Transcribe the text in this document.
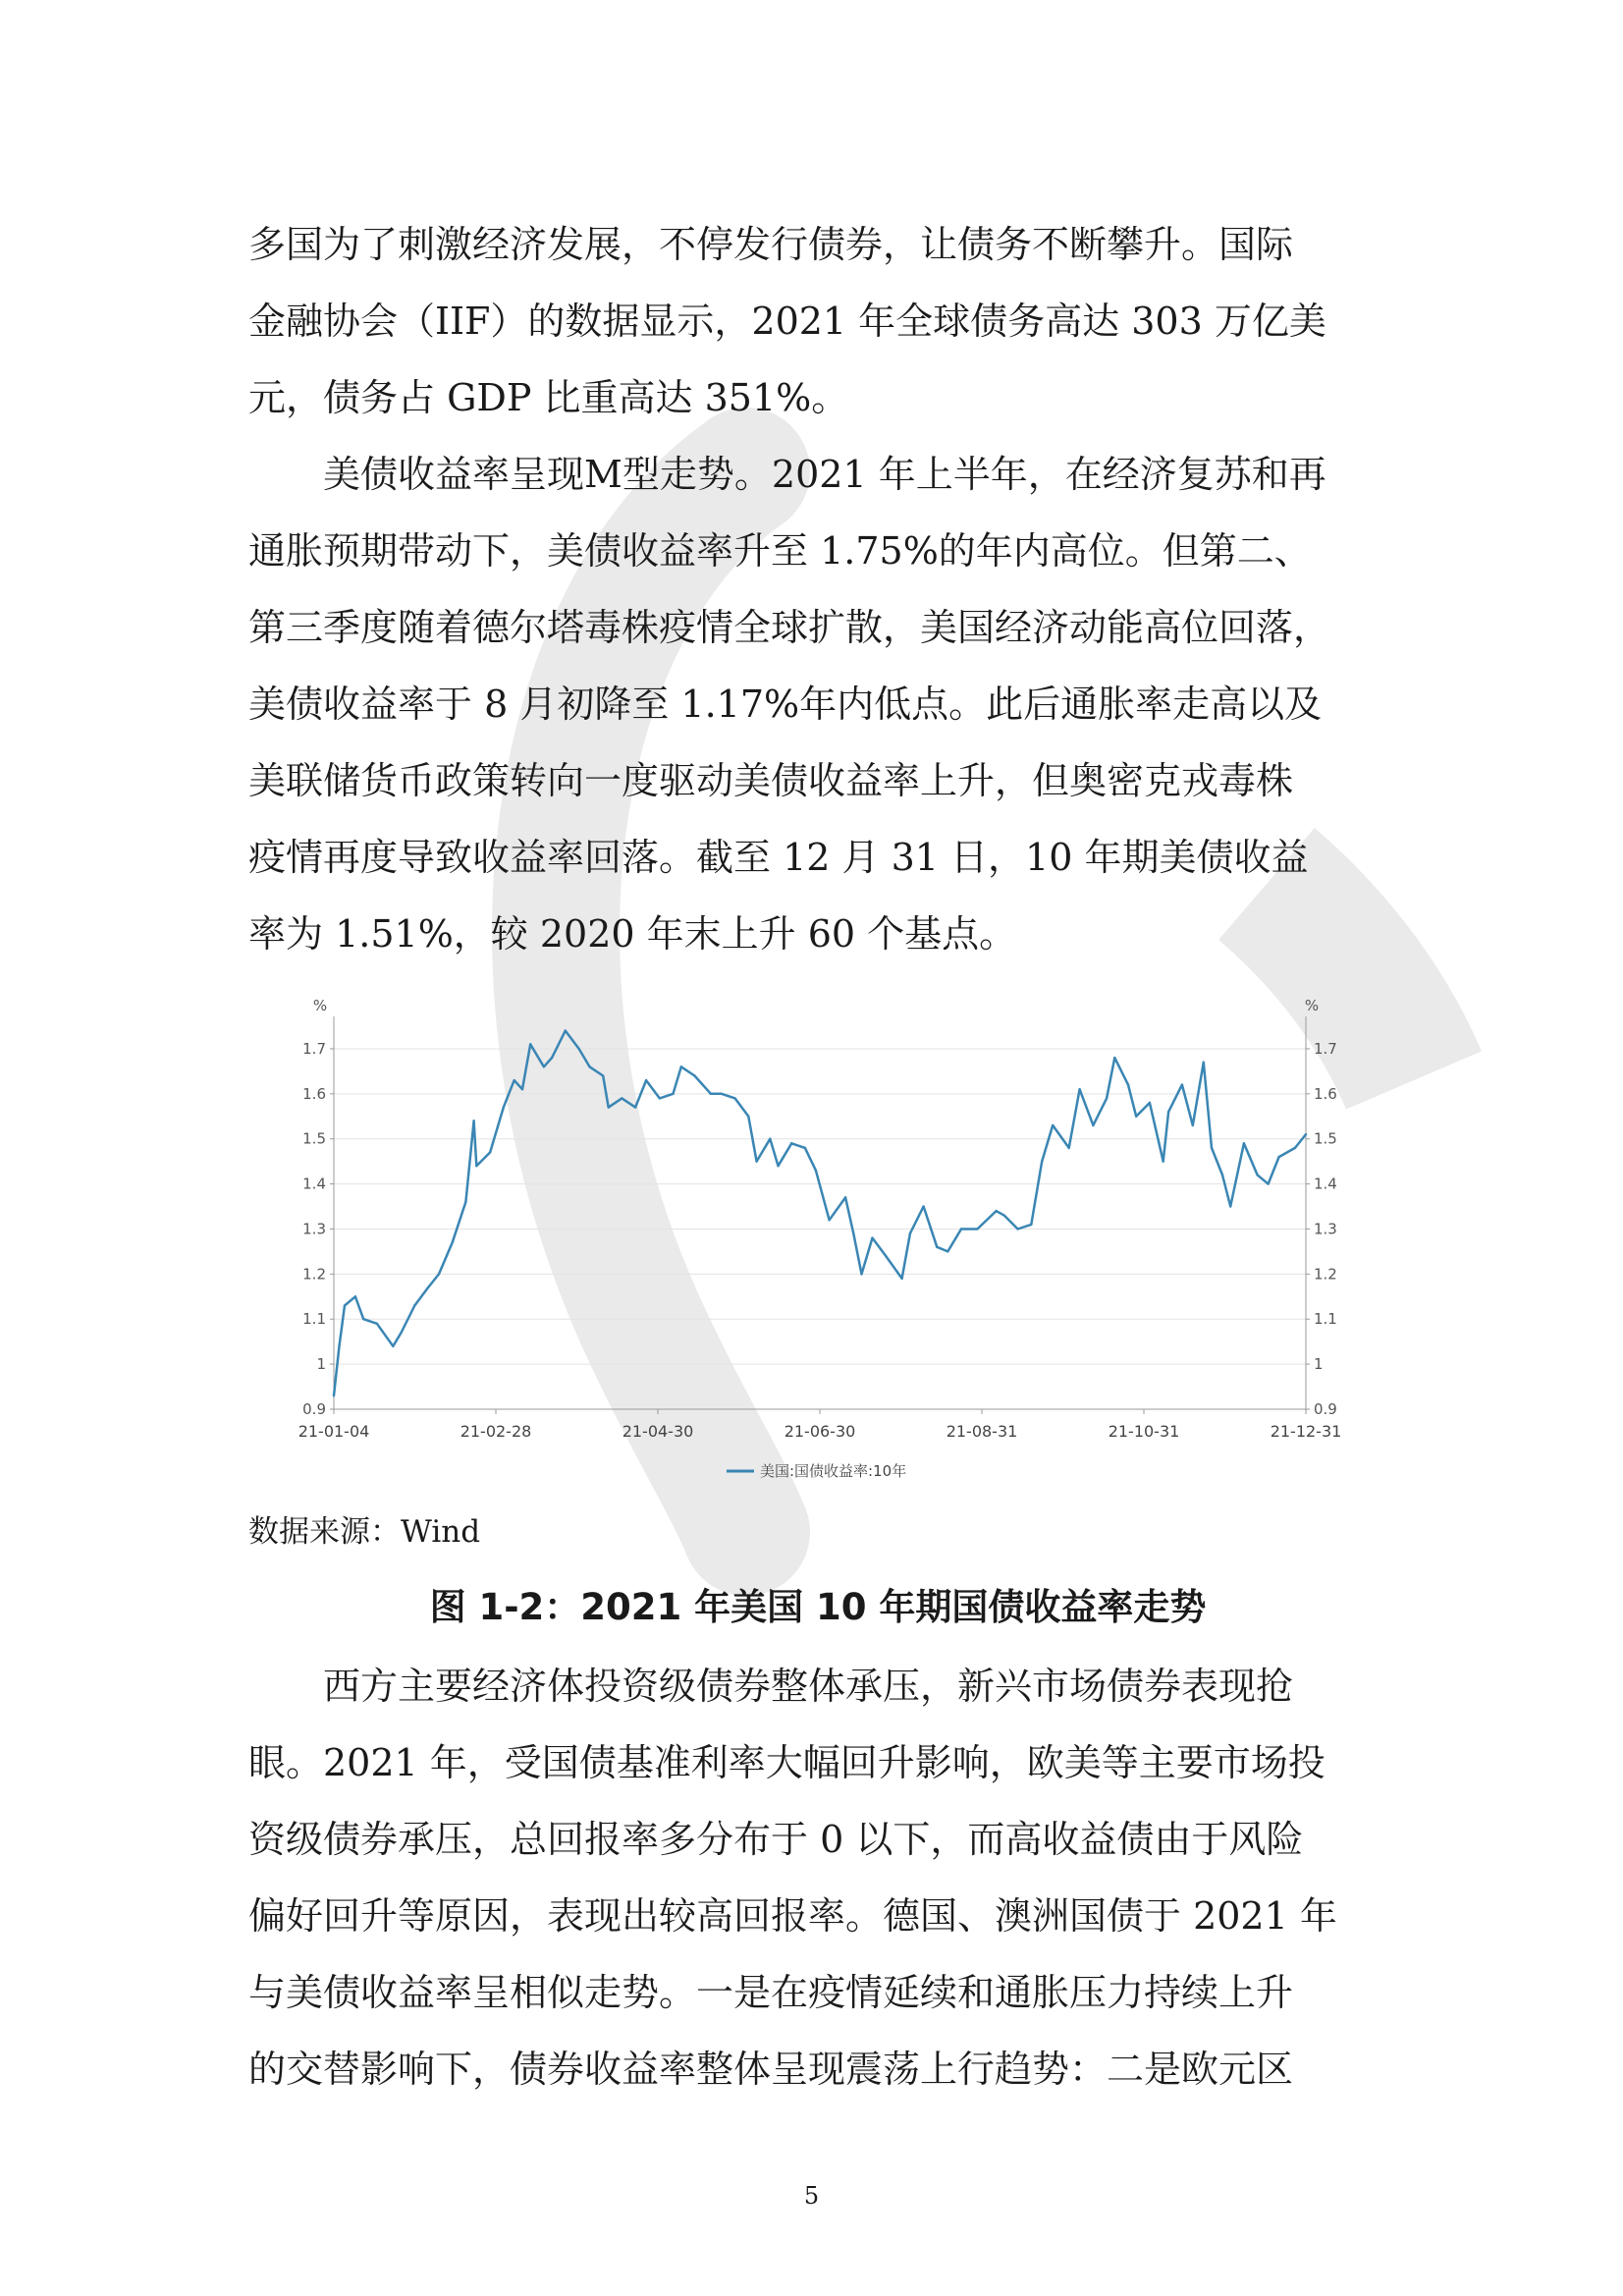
多国为了刺激经济发展，不停发行债券，让债务不断攀升。国际
金融协会（IIF）的数据显示，2021 年全球债务高达 303 万亿美
元，债务占 GDP 比重高达 351%。
美债收益率呈现M型走势。2021 年上半年，在经济复苏和再
通胀预期带动下，美债收益率升至 1.75%的年内高位。但第二、
第三季度随着德尔塔毒株疫情全球扩散，美国经济动能高位回落，
美债收益率于 8 月初降至 1.17%年内低点。此后通胀率走高以及
美联储货币政策转向一度驱动美债收益率上升，但奥密克戎毒株
疫情再度导致收益率回落。截至 12 月 31 日，10 年期美债收益
率为 1.51%，较 2020 年末上升 60 个基点。
0.9	0.9
1	1
1.1	1.1
1.2	1.2
1.3	1.3
1.4	1.4
1.5	1.5
1.6	1.6
1.7	1.7
%	%
21-01-04	21-02-28	21-04-30	21-06-30	21-08-31	21-10-31	21-12-31
美国:国债收益率:10年
数据来源：Wind
图 1-2：2021 年美国 10 年期国债收益率走势
西方主要经济体投资级债券整体承压，新兴市场债券表现抢
眼。2021 年，受国债基准利率大幅回升影响，欧美等主要市场投
资级债券承压，总回报率多分布于 0 以下，而高收益债由于风险
偏好回升等原因，表现出较高回报率。德国、澳洲国债于 2021 年
与美债收益率呈相似走势。一是在疫情延续和通胀压力持续上升
的交替影响下，债券收益率整体呈现震荡上行趋势：二是欧元区
5
